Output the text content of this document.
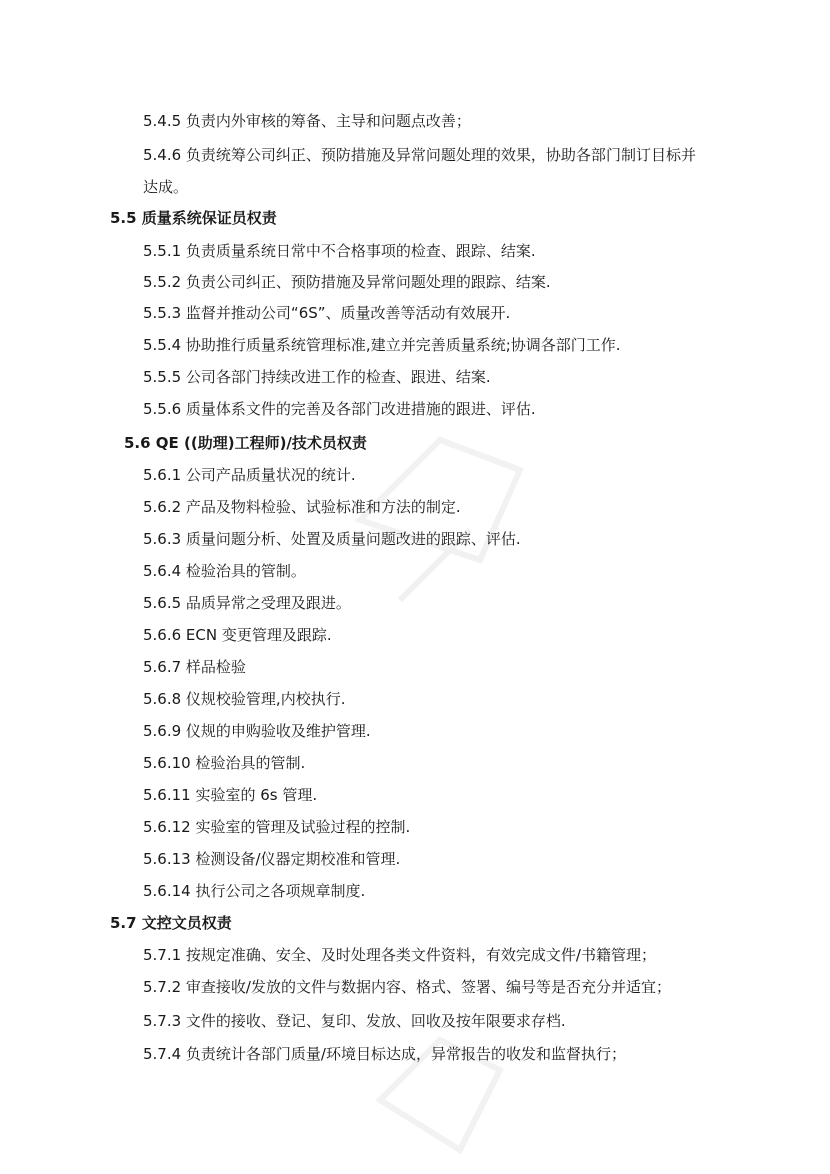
5.4.5 负责内外审核的筹备、主导和问题点改善；
5.4.6 负责统筹公司纠正、预防措施及异常问题处理的效果，协助各部门制订目标并
达成。
5.5 质量系统保证员权责
5.5.1 负责质量系统日常中不合格事项的检查、跟踪、结案.
5.5.2 负责公司纠正、预防措施及异常问题处理的跟踪、结案.
5.5.3 监督并推动公司“6S”、质量改善等活动有效展开.
5.5.4 协助推行质量系统管理标准,建立并完善质量系统;协调各部门工作.
5.5.5 公司各部门持续改进工作的检查、跟进、结案.
5.5.6 质量体系文件的完善及各部门改进措施的跟进、评估.
5.6 QE ((助理)工程师)/技术员权责
5.6.1 公司产品质量状况的统计.
5.6.2 产品及物料检验、试验标准和方法的制定.
5.6.3 质量问题分析、处置及质量问题改进的跟踪、评估.
5.6.4 检验治具的管制。
5.6.5 品质异常之受理及跟进。
5.6.6 ECN 变更管理及跟踪.
5.6.7 样品检验
5.6.8 仪规校验管理,内校执行.
5.6.9 仪规的申购验收及维护管理.
5.6.10 检验治具的管制.
5.6.11 实验室的 6s 管理.
5.6.12 实验室的管理及试验过程的控制.
5.6.13 检测设备/仪器定期校准和管理.
5.6.14 执行公司之各项规章制度.
5.7 文控文员权责
5.7.1 按规定准确、安全、及时处理各类文件资料，有效完成文件/书籍管理；
5.7.2 审查接收/发放的文件与数据内容、格式、签署、编号等是否充分并适宜；
5.7.3 文件的接收、登记、复印、发放、回收及按年限要求存档.
5.7.4 负责统计各部门质量/环境目标达成，异常报告的收发和监督执行；
